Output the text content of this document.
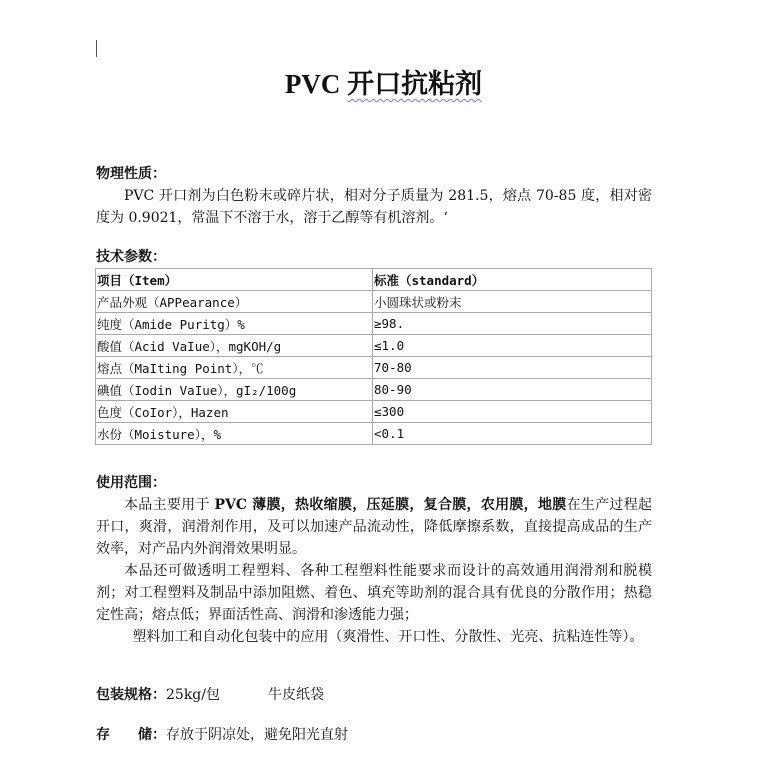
PVC 开口抗粘剂
物理性质：
PVC 开口剂为白色粉末或碎片状，相对分子质量为 281.5，熔点 70-85 度，相对密度为 0.9021，常温下不溶于水，溶于乙醇等有机溶剂。‘
技术参数：
项目（Item）	标准（standard）
产品外观（APPearance）	小圆珠状或粉末
纯度（Amide Puritg）%	≥98.
酸值（Acid VaIue），mgKOH/g	≤1.0
熔点（MaIting Point），℃	70-80
碘值（Iodin VaIue），gI₂/100g	80-90
色度（CoIor），Hazen	≤300
水份（Moisture），%	<0.1
使用范围：
本品主要用于 PVC 薄膜，热收缩膜，压延膜，复合膜，农用膜，地膜在生产过程起开口，爽滑，润滑剂作用，及可以加速产品流动性，降低摩擦系数，直接提高成品的生产效率，对产品内外润滑效果明显。
本品还可做透明工程塑料、各种工程塑料性能要求而设计的高效通用润滑剂和脱模剂；对工程塑料及制品中添加阻燃、着色、填充等助剂的混合具有优良的分散作用；热稳定性高；熔点低；界面活性高、润滑和渗透能力强；
塑料加工和自动化包装中的应用（爽滑性、开口性、分散性、光亮、抗粘连性等）。
包装规格：25kg/包	牛皮纸袋
存　　储：存放于阴凉处，避免阳光直射
